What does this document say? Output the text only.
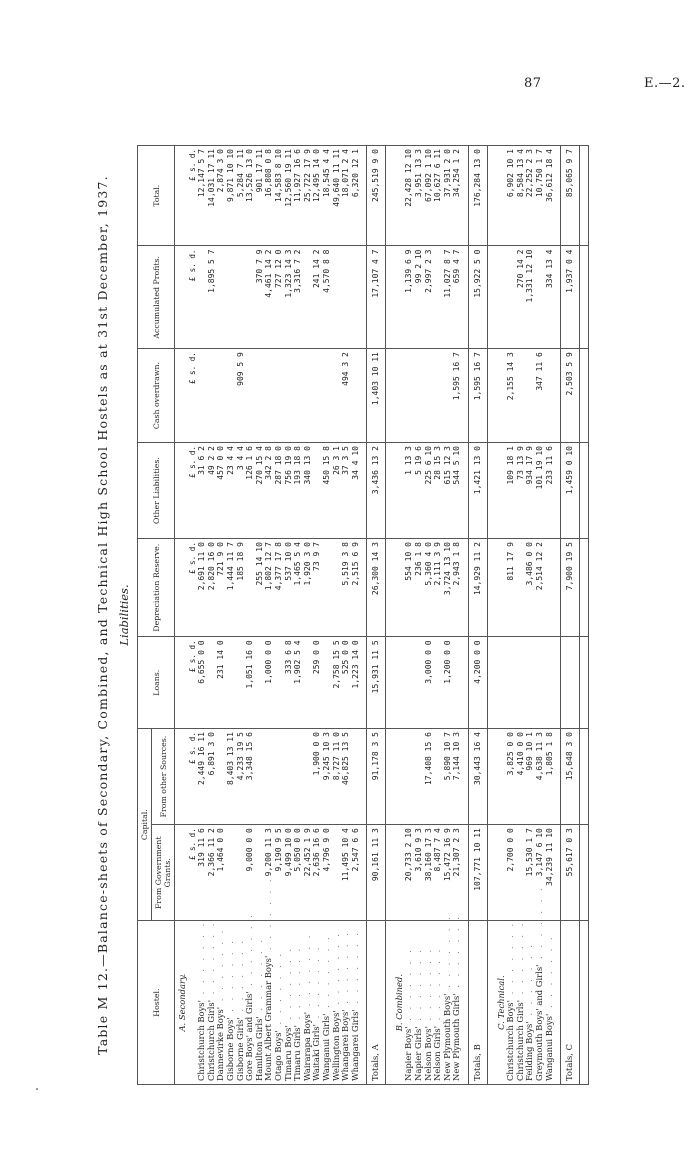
87	E.—2.
Table M 12.—Balance-sheets of Secondary, Combined, and Technical High School Hostels as at 31st December, 1937. Liabilities.
Hostel.	Capital.		Loans.	Depreciation Reserve.	Other Liabilities.	Cash overdrawn.	Accumulated Profits.	Total.
	From Government Grants.	From other Sources.						
A. Secondary.								
	£ s. d.	£ s. d.	£ s. d.	£ s. d.	£ s. d.	£ s. d.	£ s. d.	£ s. d.
Christchurch Boys' . . . . . . .	319 11 6	2,449 16 11	6,655 0 0	2,691 11 0	31 6 2			12,147 5 7
Christchurch Girls' . . . . . . .	2,366 11 2	6,891 3 0		2,820 16 0	49 2 2		1,895 5 7	14,031 17 11
Dannevirke Boys' . . . . . . .	1,464 0 0		231 14 0	721 9 0	457 0 0			2,874 3 0
Gisborne Boys' . . . . . . .		8,403 13 11		1,444 11 7	23 4 4			9,871 10 10
Gisborne Girls' . . . . . . .		4,233 19 5		185 18 9	3 4 4	909 5 9		5,284 7 11
Gore Boys' and Girls' . . . . . . .	9,000 0 0	3,348 15 6	1,051 16 0		126 1 6			13,526 13 0
Hamilton Girls' . . . . . . .				255 14 10	270 15 4		370 7 9	901 17 11
Mount Albert Grammar Boys' . . . . . . .	9,200 11 3		1,000 0 0	1,802 12 7	342 2 8		4,461 14 2	16,808 0 8
Otago Boys' . . . . . . .	9,190 9 5			4,377 17 8	287 18 0		727 12 0	14,583 8 10
Timaru Boys' . . . . . . .	9,499 10 0		333 6 8	537 10 0	756 19 0		1,323 14 3	12,560 19 11
Timaru Girls' . . . . . . .	5,050 0 0		1,902 5 4	1,465 5 4	193 18 8		3,316 7 2	11,927 16 6
Wairarapa Boys' . . . . . . .	22,452 1 9			1,920 3 0	340 13 0			25,722 17 9
Waitaki Girls' . . . . . . .	2,636 16 6	1,900 0 0	259 0 0	73 9 7			241 14 2	12,495 14 0
Wanganui Girls' . . . . . . .	4,796 9 0	9,245 10 3			450 15 8		4,570 8 8	18,545 4 4
Wellington Boys' . . . . . . .		8,727 11 0	2,758 15 5		26 3 1			49,640 11 11
Whangarei Boys' . . . . . . .	11,495 10 4	46,825 13 5	525 0 0	5,519 3 8	37 3 5	494 3 2		18,071 2 4
Whangarei Girls' . . . . . . .	2,547 6 6		1,223 14 0	2,515 6 9	34 4 10			6,320 12 1

Totals, A	90,161 11 3	91,178 3 5	15,931 11 5	26,300 14 3	3,436 13 2	1,403 10 11	17,107 4 7	245,519 9 0

B. Combined.								
Napier Boys' . . . . . . .	20,733 2 10			554 10 0	1 13 3		1,139 6 9	22,428 12 10
Napier Girls' . . . . . . .	3,610 9 3			236 1 8	5 19 6		99 2 10	3,951 13 3
Nelson Boys' . . . . . . .	38,160 17 3	17,408 15 6	3,000 0 0	5,360 4 0	225 6 10		2,997 2 3	67,092 1 10
Nelson Girls' . . . . . . .	8,487 7 4			2,111 3 9	28 15 3			10,627 6 11
New Plymouth Boys' . . . . . . .	15,472 16 9	5,890 10 7	1,200 0 0	3,724 13 10	615 12 3		11,027 8 7	37,931 2 0
New Plymouth Girls' . . . . . . .	21,307 2 3	7,144 10 3		2,943 1 8	544 5 10	1,595 16 7	659 4 7	34,254 1 2

Totals, B	107,771 10 11	30,443 16 4	4,200 0 0	14,929 11 2	1,421 13 0	1,595 16 7	15,922 5 0	176,284 13 0

C. Technical.								
Christchurch Boys' . . . . . . .	2,700 0 0	3,825 0 0		811 17 9	109 18 1	2,155 14 3		6,902 10 1
Christchurch Girls' . . . . . . .		4,410 0 0			73 13 9		270 14 2	8,584 13 4
Feilding Boys' . . . . . . .	15,530 1 7	969 10 1		3,486 0 0	934 17 9		1,331 12 10	22,252 2 3
Greymouth Boys' and Girls' . . . . . . .	3,147 6 10	4,638 11 3		2,514 12 2	101 19 10	347 11 6		10,750 1 7
Wanganui Boys' . . . . . . .	34,239 11 10	1,805 1 8			233 11 6		334 13 4	36,612 18 4

Totals, C	55,617 0 3	15,648 3 0		7,900 19 5	1,459 0 10	2,503 5 9	1,937 0 4	85,065 9 7
